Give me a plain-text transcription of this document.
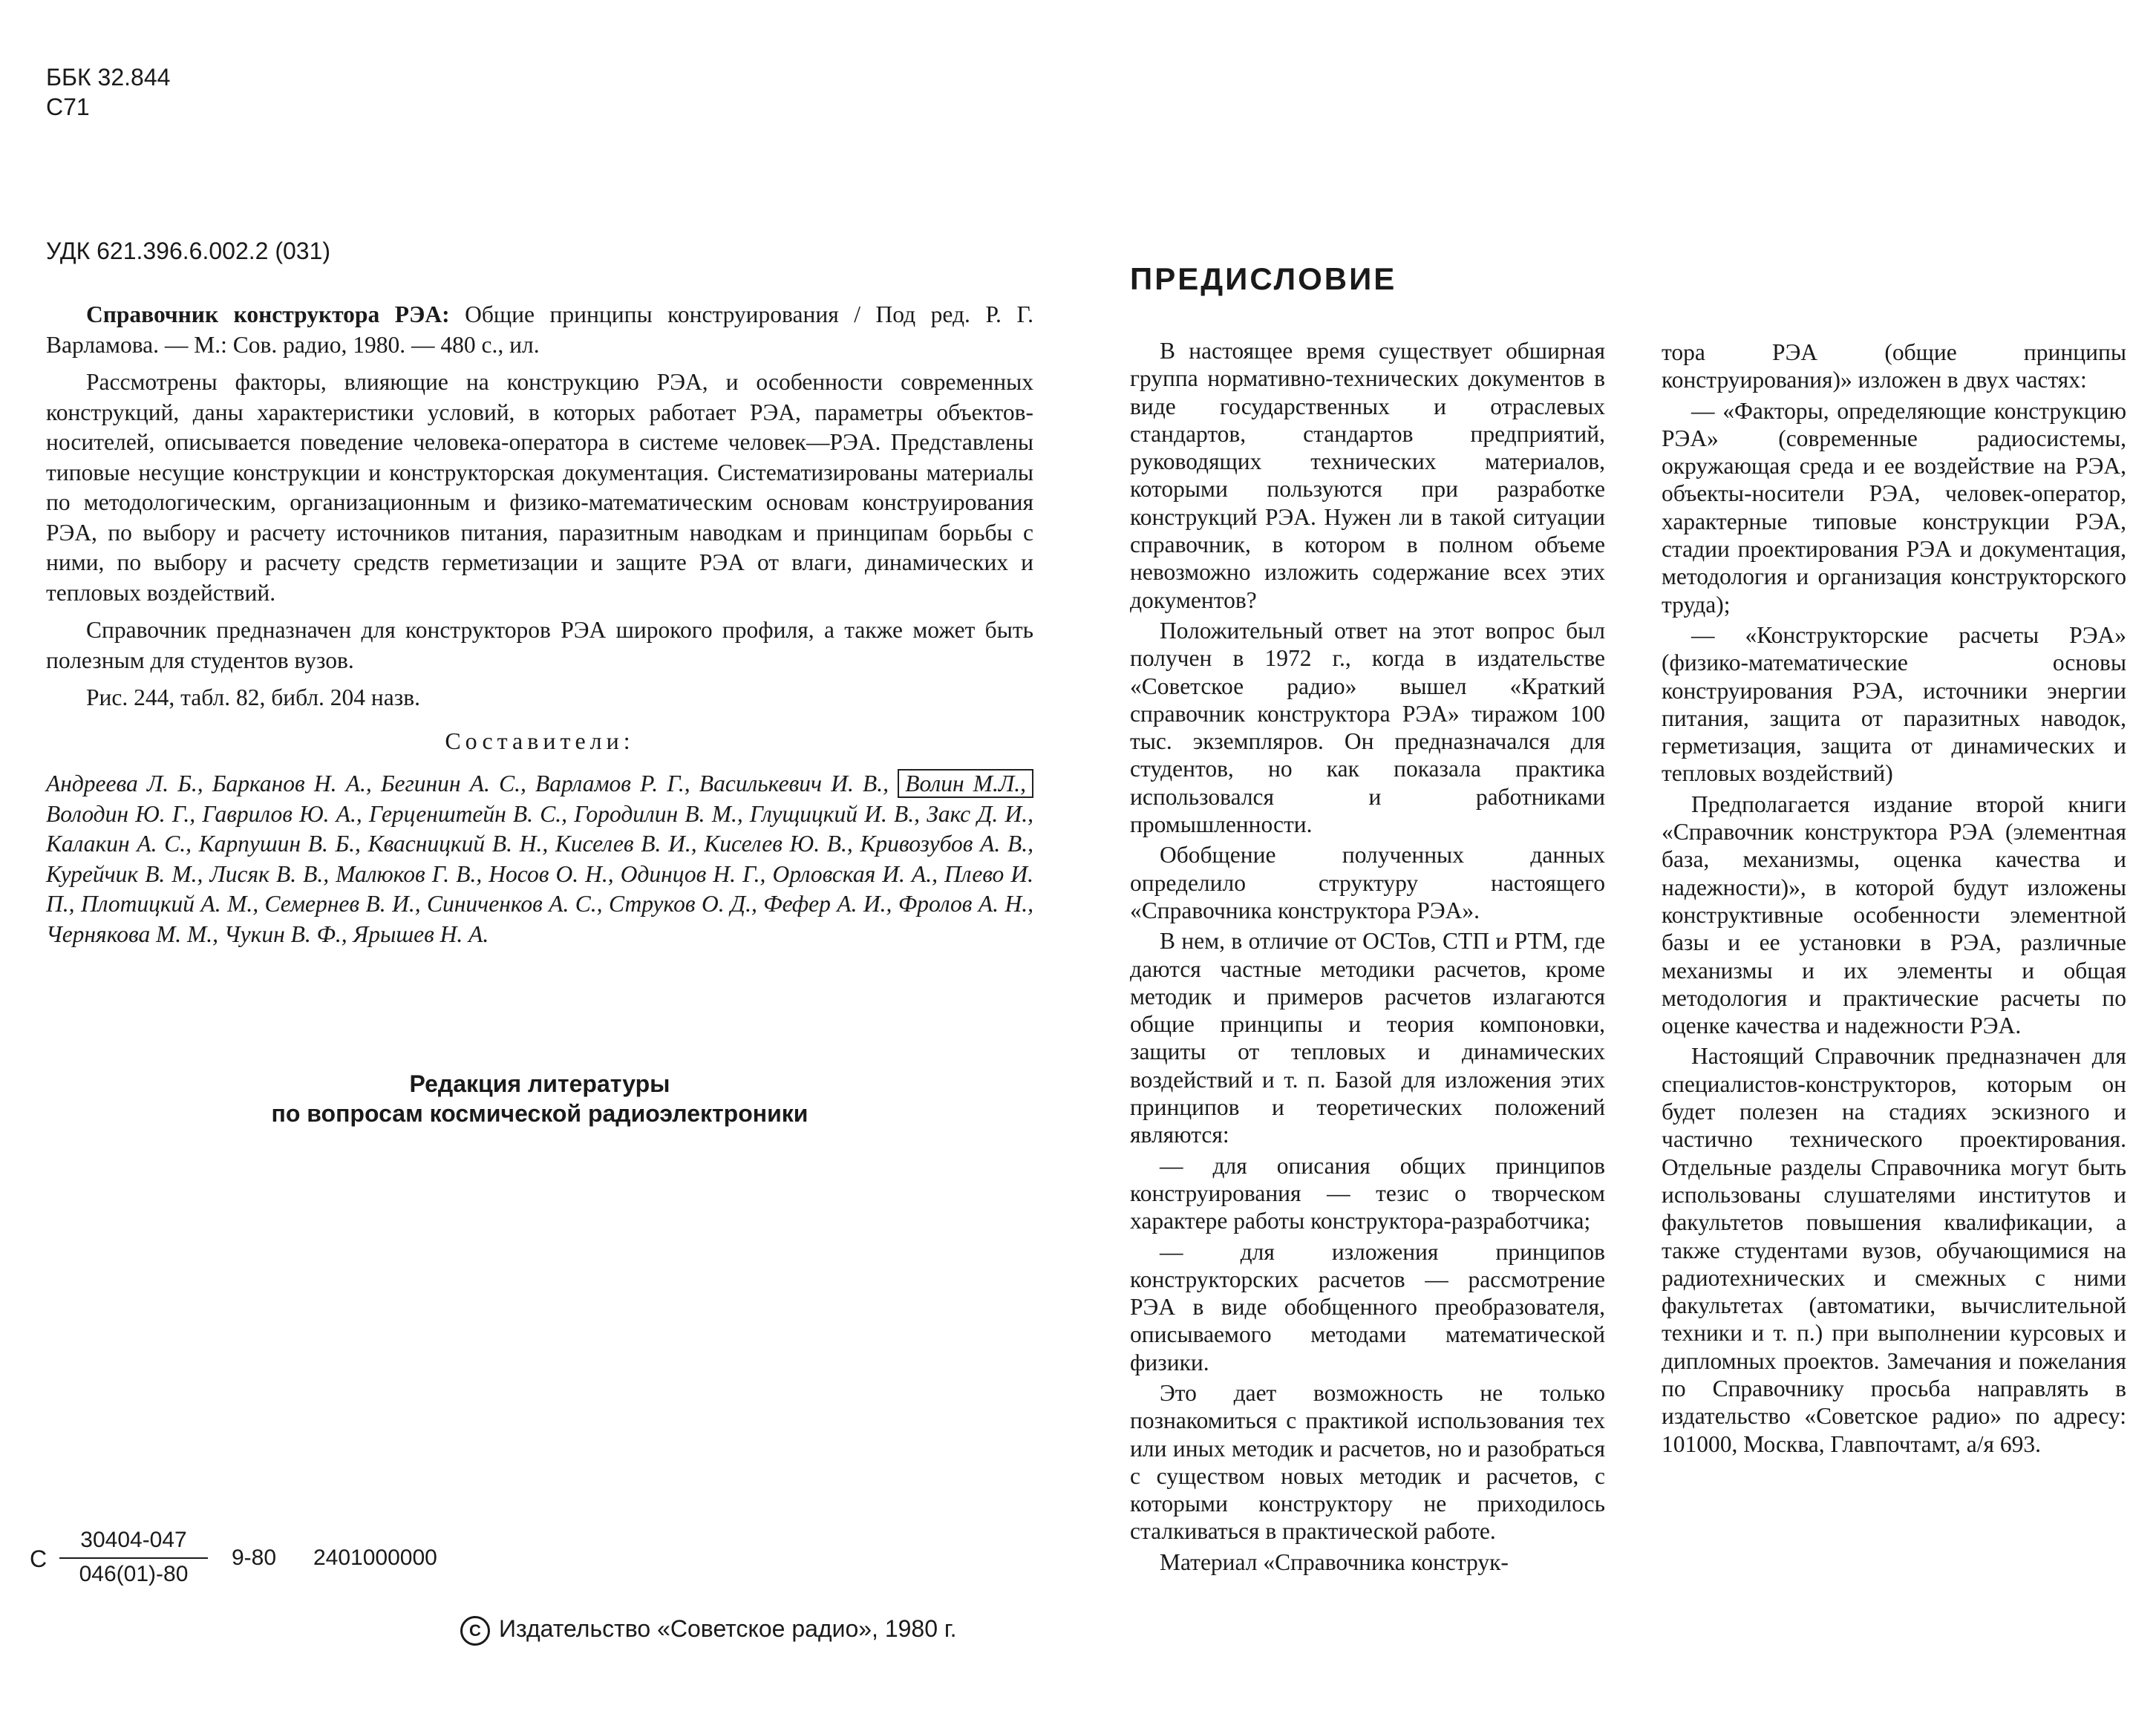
ББК 32.844
С71
УДК 621.396.6.002.2 (031)

Справочник конструктора РЭА: Общие принципы конструирования / Под ред. Р. Г. Варламова. — М.: Сов. радио, 1980. — 480 с., ил.

Рассмотрены факторы, влияющие на конструкцию РЭА, и особенности современных конструкций, даны характеристики условий, в которых работает РЭА, параметры объектов-носителей, описывается поведение человека-оператора в системе человек—РЭА. Представлены типовые несущие конструкции и конструкторская документация. Систематизированы материалы по методологическим, организационным и физико-математическим основам конструирования РЭА, по выбору и расчету источников питания, паразитным наводкам и принципам борьбы с ними, по выбору и расчету средств герметизации и защите РЭА от влаги, динамических и тепловых воздействий.

Справочник предназначен для конструкторов РЭА широкого профиля, а также может быть полезным для студентов вузов.

Рис. 244, табл. 82, библ. 204 назв.

Составители:
Андреева Л. Б., Барканов Н. А., Бегинин А. С., Варламов Р. Г., Василькевич И. В., Волин М.Л., Володин Ю. Г., Гаврилов Ю. А., Герценштейн В. С., Городилин В. М., Глущицкий И. В., Закс Д. И., Калакин А. С., Карпушин В. Б., Квасницкий В. Н., Киселев В. И., Киселев Ю. В., Кривозубов А. В., Курейчик В. М., Лисяк В. В., Малюков Г. В., Носов О. Н., Одинцов Н. Г., Орловская И. А., Плево И. П., Плотицкий А. М., Семернев В. И., Синиченков А. С., Струков О. Д., Фефер А. И., Фролов А. Н., Чернякова М. М., Чукин В. Ф., Ярышев Н. А.
Редакция литературы
по вопросам космической радиоэлектроники
С
30404-047
046(01)-80
9-80 2401000000
C Издательство «Советское радио», 1980 г.
ПРЕДИСЛОВИЕ

В настоящее время существует обширная группа нормативно-технических документов в виде государственных и отраслевых стандартов, стандартов предприятий, руководящих технических материалов, которыми пользуются при разработке конструкций РЭА. Нужен ли в такой ситуации справочник, в котором в полном объеме невозможно изложить содержание всех этих документов?

Положительный ответ на этот вопрос был получен в 1972 г., когда в издательстве «Советское радио» вышел «Краткий справочник конструктора РЭА» тиражом 100 тыс. экземпляров. Он предназначался для студентов, но как показала практика использовался и работниками промышленности.

Обобщение полученных данных определило структуру настоящего «Справочника конструктора РЭА».

В нем, в отличие от ОСТов, СТП и РТМ, где даются частные методики расчетов, кроме методик и примеров расчетов излагаются общие принципы и теория компоновки, защиты от тепловых и динамических воздействий и т. п. Базой для изложения этих принципов и теоретических положений являются:

— для описания общих принципов конструирования — тезис о творческом характере работы конструктора-разработчика;

— для изложения принципов конструкторских расчетов — рассмотрение РЭА в виде обобщенного преобразователя, описываемого методами математической физики.

Это дает возможность не только познакомиться с практикой использования тех или иных методик и расчетов, но и разобраться с существом новых методик и расчетов, с которыми конструктору не приходилось сталкиваться в практической работе.

Материал «Справочника конструк-

тора РЭА (общие принципы конструирования)» изложен в двух частях:

— «Факторы, определяющие конструкцию РЭА» (современные радиосистемы, окружающая среда и ее воздействие на РЭА, объекты-носители РЭА, человек-оператор, характерные типовые конструкции РЭА, стадии проектирования РЭА и документация, методология и организация конструкторского труда);

— «Конструкторские расчеты РЭА» (физико-математические основы конструирования РЭА, источники энергии питания, защита от паразитных наводок, герметизация, защита от динамических и тепловых воздействий)

Предполагается издание второй книги «Справочник конструктора РЭА (элементная база, механизмы, оценка качества и надежности)», в которой будут изложены конструктивные особенности элементной базы и ее установки в РЭА, различные механизмы и их элементы и общая методология и практические расчеты по оценке качества и надежности РЭА.

Настоящий Справочник предназначен для специалистов-конструкторов, которым он будет полезен на стадиях эскизного и частично технического проектирования. Отдельные разделы Справочника могут быть использованы слушателями институтов и факультетов повышения квалификации, а также студентами вузов, обучающимися на радиотехнических и смежных с ними факультетах (автоматики, вычислительной техники и т. п.) при выполнении курсовых и дипломных проектов. Замечания и пожелания по Справочнику просьба направлять в издательство «Советское радио» по адресу: 101000, Москва, Главпочтамт, а/я 693.
